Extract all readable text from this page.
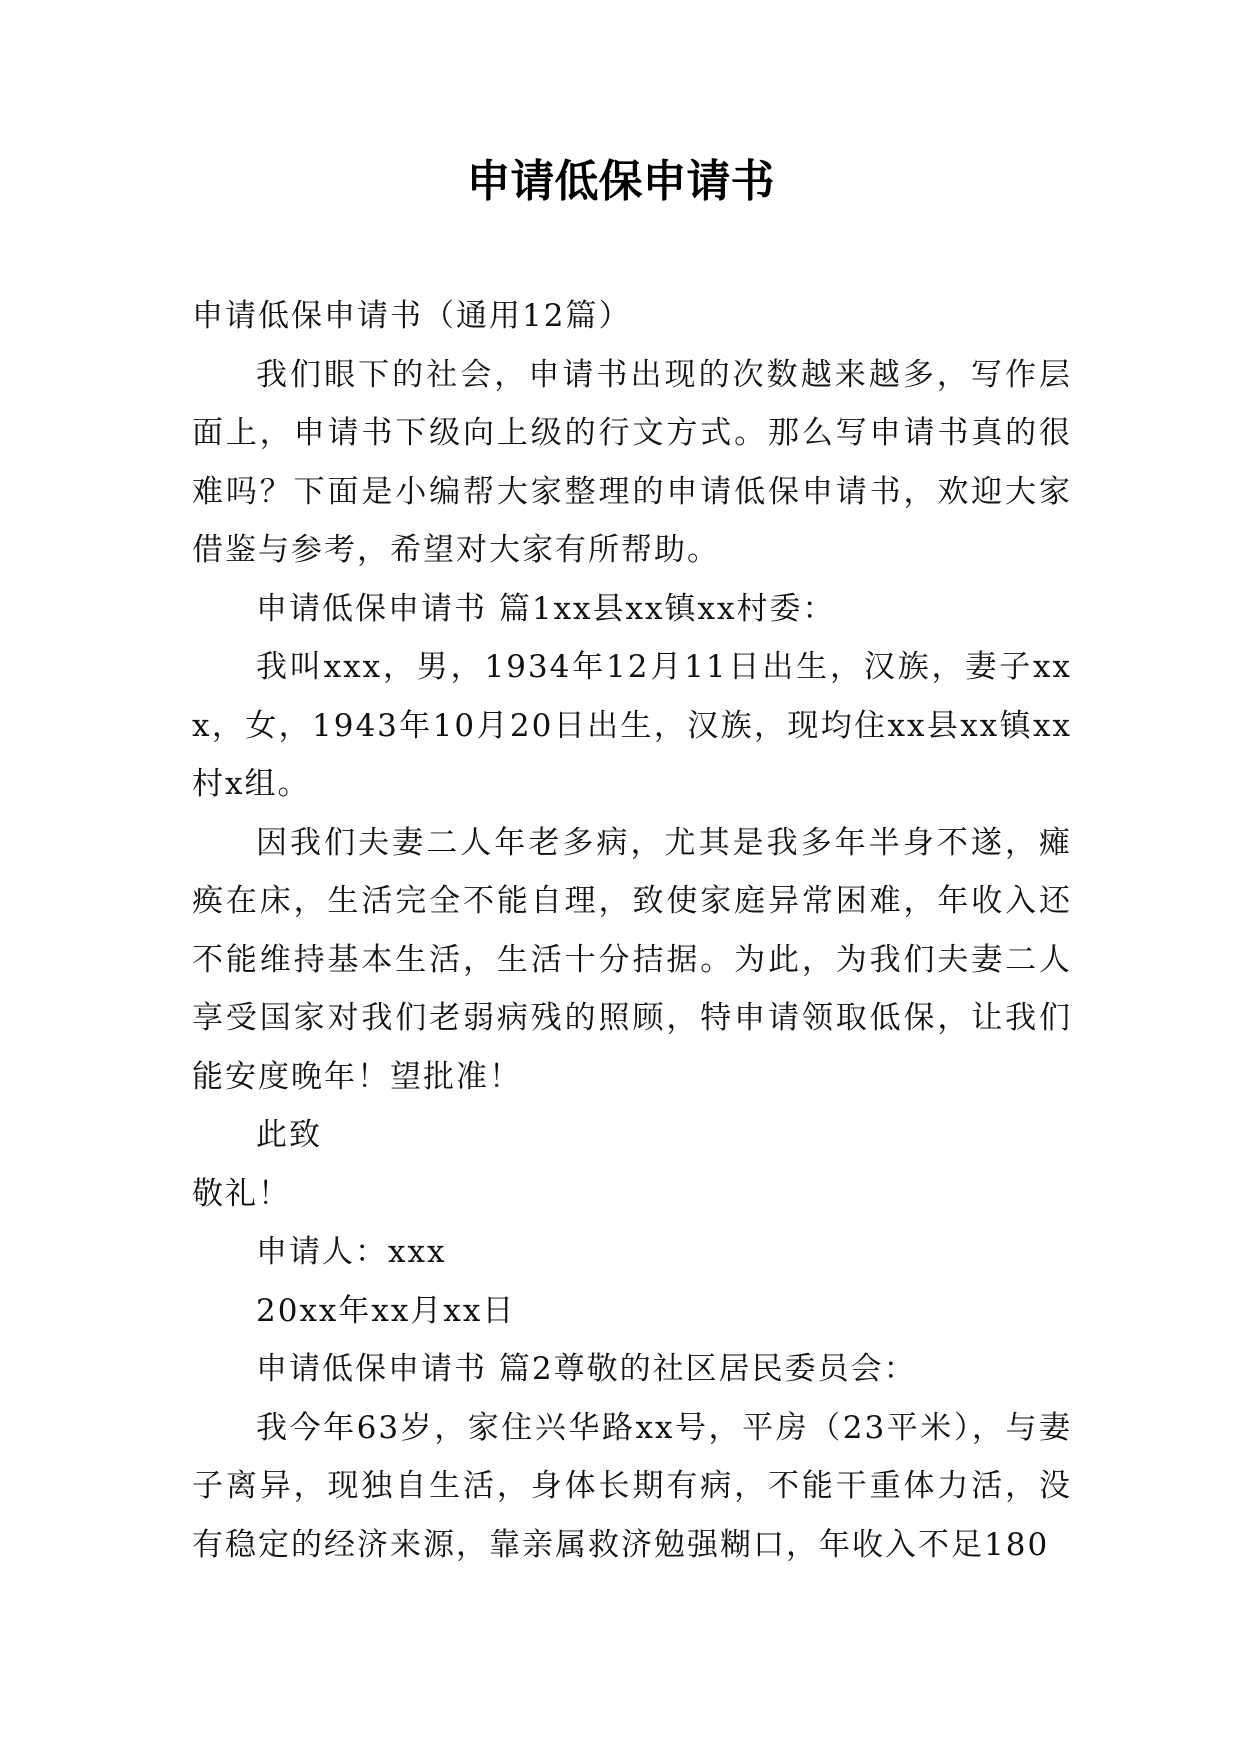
申请低保申请书

申请低保申请书（通用12篇）

我们眼下的社会，申请书出现的次数越来越多，写作层面上，申请书下级向上级的行文方式。那么写申请书真的很难吗？下面是小编帮大家整理的申请低保申请书，欢迎大家借鉴与参考，希望对大家有所帮助。

申请低保申请书 篇1xx县xx镇xx村委：

我叫xxx，男，1934年12月11日出生，汉族，妻子xxx，女，1943年10月20日出生，汉族，现均住xx县xx镇xx村x组。

因我们夫妻二人年老多病，尤其是我多年半身不遂，瘫痪在床，生活完全不能自理，致使家庭异常困难，年收入还不能维持基本生活，生活十分拮据。为此，为我们夫妻二人享受国家对我们老弱病残的照顾，特申请领取低保，让我们能安度晚年！望批准！

此致

敬礼！

申请人：xxx

20xx年xx月xx日

申请低保申请书 篇2尊敬的社区居民委员会：

我今年63岁，家住兴华路xx号，平房（23平米），与妻子离异，现独自生活，身体长期有病，不能干重体力活，没有稳定的经济来源，靠亲属救济勉强糊口，年收入不足180
